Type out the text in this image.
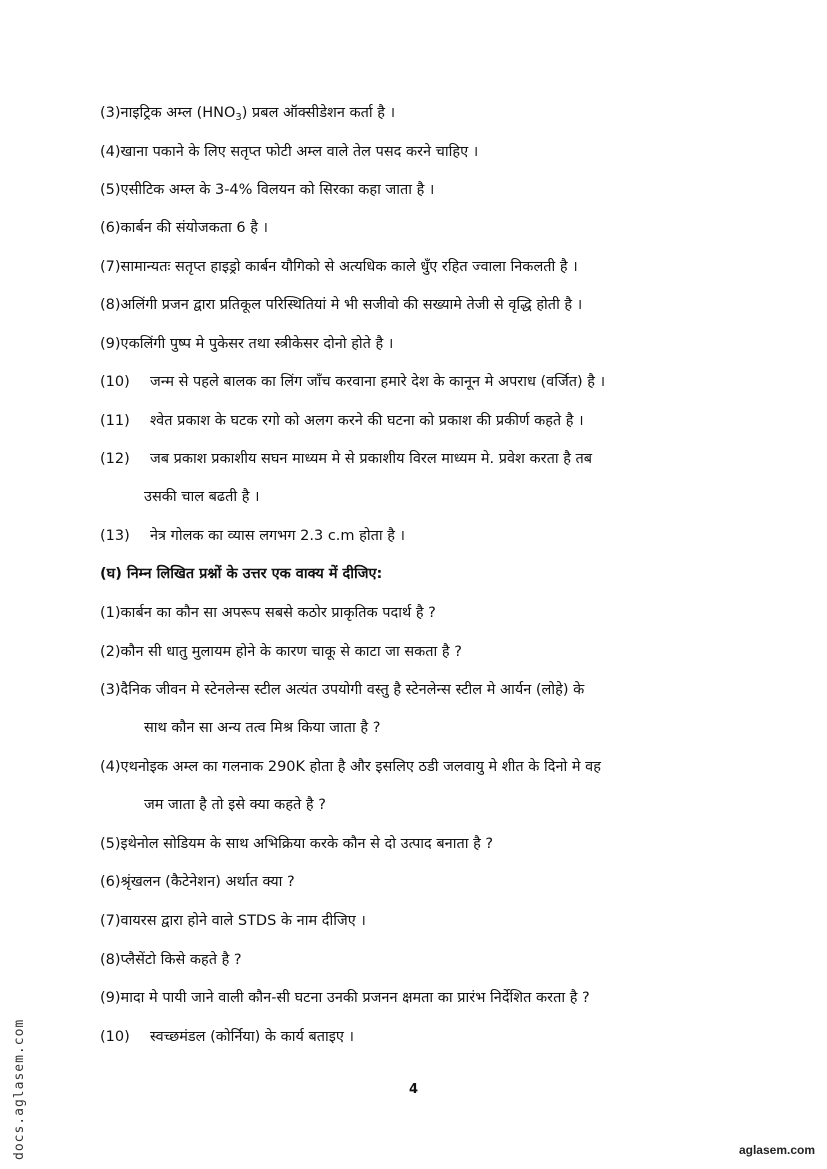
(3)नाइट्रिक अम्ल $(HNO_3)$ प्रबल ऑक्सीडेशन कर्ता है ।
(4)खाना पकाने के लिए सतृप्त फोटी अम्ल वाले तेल पसद करने चाहिए ।
(5)एसीटिक अम्ल के 3-4% विलयन को सिरका कहा जाता है ।
(6)कार्बन की संयोजकता 6 है ।
(7)सामान्यतः सतृप्त हाइड्रो कार्बन यौगिको से अत्यधिक काले धुँए रहित ज्वाला निकलती है ।
(8)अलिंगी प्रजन द्वारा प्रतिकूल परिस्थितियां मे भी सजीवो की सख्यामे तेजी से वृद्धि होती है ।
(9)एकलिंगी पुष्प मे पुकेसर तथा स्त्रीकेसर दोनो होते है ।
(10) जन्म से पहले बालक का लिंग जाँच करवाना हमारे देश के कानून मे अपराध (वर्जित) है ।
(11) श्वेत प्रकाश के घटक रगो को अलग करने की घटना को प्रकाश की प्रकीर्ण कहते है ।
(12) जब प्रकाश प्रकाशीय सघन माध्यम मे से प्रकाशीय विरल माध्यम मे. प्रवेश करता है तब
उसकी चाल बढती है ।
(13) नेत्र गोलक का व्यास लगभग 2.3 c.m होता है ।
(घ) निम्न लिखित प्रश्नों के उत्तर एक वाक्य में दीजिए:
(1)कार्बन का कौन सा अपरूप सबसे कठोर प्राकृतिक पदार्थ है ?
(2)कौन सी धातु मुलायम होने के कारण चाकू से काटा जा सकता है ?
(3)दैनिक जीवन मे स्टेनलेन्स स्टील अत्यंत उपयोगी वस्तु है स्टेनलेन्स स्टील मे आर्यन (लोहे) के
साथ कौन सा अन्य तत्व मिश्र किया जाता है ?
(4)एथनोइक अम्ल का गलनाक 290K होता है और इसलिए ठडी जलवायु मे शीत के दिनो मे वह
जम जाता है तो इसे क्या कहते है ?
(5)इथेनोल सोडियम के साथ अभिक्रिया करके कौन से दो उत्पाद बनाता है ?
(6)श्रृंखलन (कैटेनेशन) अर्थात क्या ?
(7)वायरस द्वारा होने वाले STDS के नाम दीजिए ।
(8)प्लैसेंटो किसे कहते है ?
(9)मादा मे पायी जाने वाली कौन-सी घटना उनकी प्रजनन क्षमता का प्रारंभ निर्देशित करता है ?
(10) स्वच्छमंडल (कोर्निया) के कार्य बताइए ।
4
docs.aglasem.com	aglasem.com
